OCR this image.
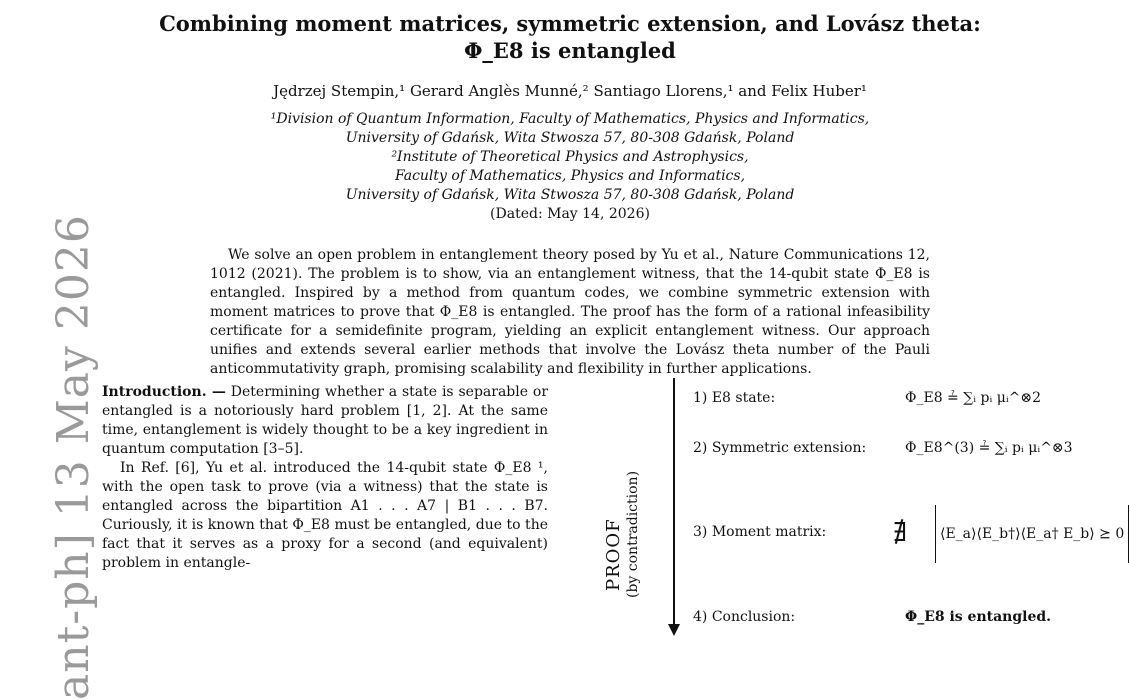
ant-ph] 13 May 2026
Combining moment matrices, symmetric extension, and Lovász theta:
Φ_E8 is entangled
Jędrzej Stempin,¹ Gerard Anglès Munné,² Santiago Llorens,¹ and Felix Huber¹
¹Division of Quantum Information, Faculty of Mathematics, Physics and Informatics,
University of Gdańsk, Wita Stwosza 57, 80-308 Gdańsk, Poland
²Institute of Theoretical Physics and Astrophysics,
Faculty of Mathematics, Physics and Informatics,
University of Gdańsk, Wita Stwosza 57, 80-308 Gdańsk, Poland
(Dated: May 14, 2026)

We solve an open problem in entanglement theory posed by Yu et al., Nature Communications 12, 1012 (2021). The problem is to show, via an entanglement witness, that the 14-qubit state Φ_E8 is entangled. Inspired by a method from quantum codes, we combine symmetric extension with moment matrices to prove that Φ_E8 is entangled. The proof has the form of a rational infeasibility certificate for a semidefinite program, yielding an explicit entanglement witness. Our approach unifies and extends several earlier methods that involve the Lovász theta number of the Pauli anticommutativity graph, promising scalability and flexibility in further applications.

Introduction. — Determining whether a state is separable or entangled is a notoriously hard problem [1, 2]. At the same time, entanglement is widely thought to be a key ingredient in quantum computation [3–5].

In Ref. [6], Yu et al. introduced the 14-qubit state Φ_E8 ¹, with the open task to prove (via a witness) that the state is entangled across the bipartition A1 . . . A7 | B1 . . . B7. Curiously, it is known that Φ_E8 must be entangled, due to the fact that it serves as a proxy for a second (and equivalent) problem in entangle-	PROOF (by contradiction)
1) E8 state:	Φ_E8 ≟ ∑ᵢ pᵢ μᵢ^⊗2
2) Symmetric extension:	Φ_E8^(3) ≟ ∑ᵢ pᵢ μᵢ^⊗3
3) Moment matrix:	∄ ⟨E_a⟩⟨E_b†⟩⟨E_a† E_b⟩ ⪰ 0
4) Conclusion:	Φ_E8 is entangled.
